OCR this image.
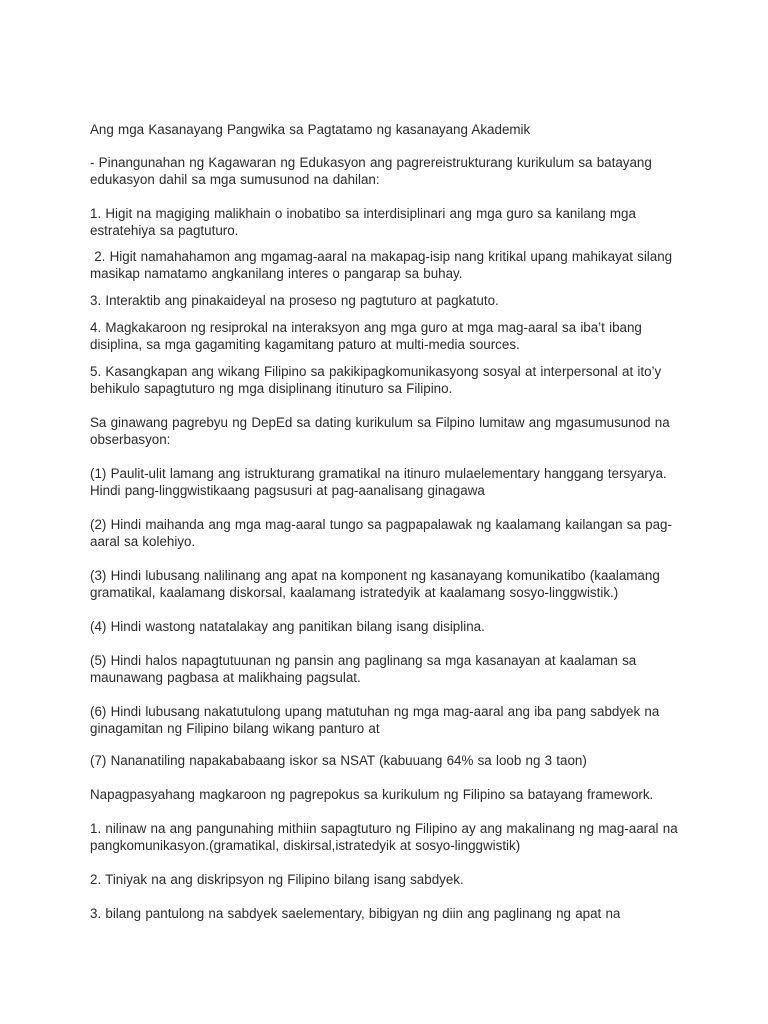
Ang mga Kasanayang Pangwika sa Pagtatamo ng kasanayang Akademik

- Pinangunahan ng Kagawaran ng Edukasyon ang pagrereistrukturang kurikulum sa batayang
edukasyon dahil sa mga sumusunod na dahilan:

1. Higit na magiging malikhain o inobatibo sa interdisiplinari ang mga guro sa kanilang mga
estratehiya sa pagtuturo.

2. Higit namahahamon ang mgamag-aaral na makapag-isip nang kritikal upang mahikayat silang
masikap namatamo angkanilang interes o pangarap sa buhay.

3. Interaktib ang pinakaideyal na proseso ng pagtuturo at pagkatuto.

4. Magkakaroon ng resiprokal na interaksyon ang mga guro at mga mag-aaral sa iba’t ibang
disiplina, sa mga gagamiting kagamitang paturo at multi-media sources.

5. Kasangkapan ang wikang Filipino sa pakikipagkomunikasyong sosyal at interpersonal at ito’y
behikulo sapagtuturo ng mga disiplinang itinuturo sa Filipino.

Sa ginawang pagrebyu ng DepEd sa dating kurikulum sa Filpino lumitaw ang mgasumusunod na
obserbasyon:

(1) Paulit-ulit lamang ang istrukturang gramatikal na itinuro mulaelementary hanggang tersyarya.
Hindi pang-linggwistikaang pagsusuri at pag-aanalisang ginagawa

(2) Hindi maihanda ang mga mag-aaral tungo sa pagpapalawak ng kaalamang kailangan sa pag-
aaral sa kolehiyo.

(3) Hindi lubusang nalilinang ang apat na komponent ng kasanayang komunikatibo (kaalamang
gramatikal, kaalamang diskorsal, kaalamang istratedyik at kaalamang sosyo-linggwistik.)

(4) Hindi wastong natatalakay ang panitikan bilang isang disiplina.

(5) Hindi halos napagtutuunan ng pansin ang paglinang sa mga kasanayan at kaalaman sa
maunawang pagbasa at malikhaing pagsulat.

(6) Hindi lubusang nakatutulong upang matutuhan ng mga mag-aaral ang iba pang sabdyek na
ginagamitan ng Filipino bilang wikang panturo at

(7) Nananatiling napakababaang iskor sa NSAT (kabuuang 64% sa loob ng 3 taon)

Napagpasyahang magkaroon ng pagrepokus sa kurikulum ng Filipino sa batayang framework.

1. nilinaw na ang pangunahing mithiin sapagtuturo ng Filipino ay ang makalinang ng mag-aaral na
pangkomunikasyon.(gramatikal, diskirsal,istratedyik at sosyo-linggwistik)

2. Tiniyak na ang diskripsyon ng Filipino bilang isang sabdyek.

3. bilang pantulong na sabdyek saelementary, bibigyan ng diin ang paglinang ng apat na
